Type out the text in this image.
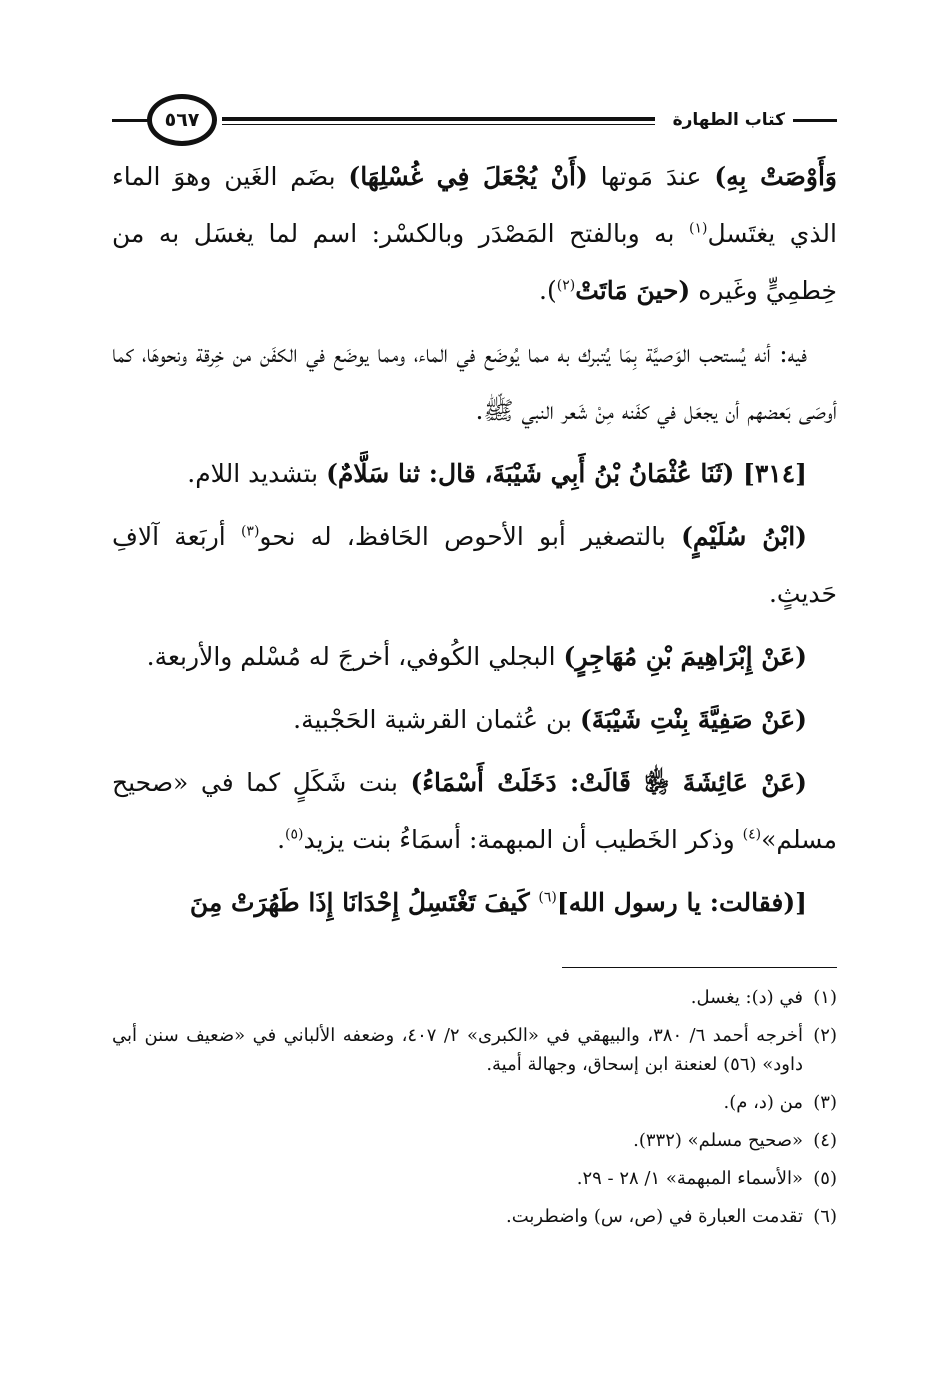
كتاب الطهارة
٥٦٧

وَأَوْصَتْ بِهِ) عندَ مَوتها (أَنْ يُجْعَلَ فِي غُسْلِهَا) بضَم الغَين وهوَ الماء الذي يغتَسل$^{(١)}$ به وبالفتح المَصْدَر وبالكسْر: اسم لما يغسَل به من خِطمِيٍّ وغَيره (حينَ مَاتَتْ$^{(٢)}$).

فيه: أنه يُستحب الوَصيَّة بِمَا يُتبرك به مما يُوضَع في الماء، ومما يوضَع في الكفَن من خِرقة ونحوهَا، كما أوصَى بَعضهم أن يجعَل في كفَنه مِنْ شَعر النبي ﷺ.

[٣١٤] (ثَنَا عُثْمَانُ بْنُ أَبِي شَيْبَةَ، قال: ثنا سَلَّامٌ) بتشديد اللام.

(ابْنُ سُلَيْمٍ) بالتصغير أبو الأحوص الحَافظ، له نحو$^{(٣)}$ أربَعة آلافِ حَديثٍ.

(عَنْ إِبْرَاهِيمَ بْنِ مُهَاجِرٍ) البجلي الكُوفي، أخرجَ له مُسْلم والأربعة.

(عَنْ صَفِيَّةَ بِنْتِ شَيْبَةَ) بن عُثمان القرشية الحَجْبية.

(عَنْ عَائِشَةَ ﵂ قَالَتْ: دَخَلَتْ أَسْمَاءُ) بنت شَكَلٍ كما في «صحيح مسلم»$^{(٤)}$ وذكر الخَطيب أن المبهمة: أسمَاءُ بنت يزيد$^{(٥)}$.

[(فقالت: يا رسول الله]$^{(٦)}$ كَيفَ تَغْتَسِلُ إِحْدَانَا إِذَا طَهُرَتْ مِنَ

(١)
في (د): يغسل.
(٢)
أخرجه أحمد ٦/ ٣٨٠، والبيهقي في «الكبرى» ٢/ ٤٠٧، وضعفه الألباني في «ضعيف سنن أبي داود» (٥٦) لعنعنة ابن إسحاق، وجهالة أمية.
(٣)
من (د، م).
(٤)
«صحيح مسلم» (٣٣٢).
(٥)
«الأسماء المبهمة» ١/ ٢٨ - ٢٩.
(٦)
تقدمت العبارة في (ص، س) واضطربت.
